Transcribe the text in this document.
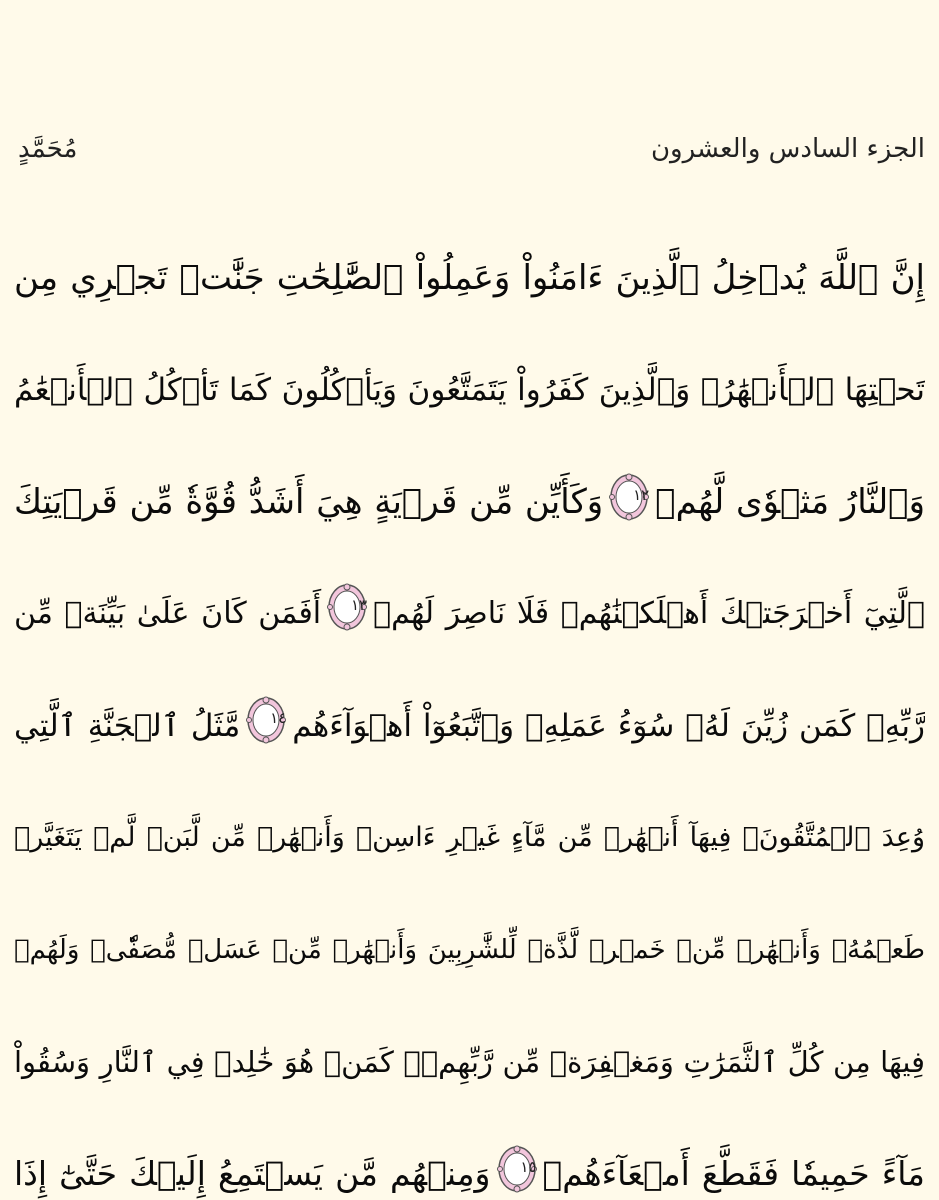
الجزء السادس والعشرون
مُحَمَّدٍ
إِنَّ ٱللَّهَ يُدۡخِلُ ٱلَّذِينَ ءَامَنُواْ وَعَمِلُواْ ٱلصَّٰلِحَٰتِ جَنَّٰتٖ تَجۡرِي مِن
تَحۡتِهَا ٱلۡأَنۡهَٰرُۖ وَٱلَّذِينَ كَفَرُواْ يَتَمَتَّعُونَ وَيَأۡكُلُونَ كَمَا تَأۡكُلُ ٱلۡأَنۡعَٰمُ
وَٱلنَّارُ مَثۡوٗى لَّهُمۡ
١٢
وَكَأَيِّن مِّن قَرۡيَةٍ هِيَ أَشَدُّ قُوَّةٗ مِّن قَرۡيَتِكَ
ٱلَّتِيٓ أَخۡرَجَتۡكَ أَهۡلَكۡنَٰهُمۡ فَلَا نَاصِرَ لَهُمۡ
١٣
أَفَمَن كَانَ عَلَىٰ بَيِّنَةٖ مِّن
رَّبِّهِۦ كَمَن زُيِّنَ لَهُۥ سُوٓءُ عَمَلِهِۦ وَٱتَّبَعُوٓاْ أَهۡوَآءَهُم
١٤
مَّثَلُ ٱلۡجَنَّةِ ٱلَّتِي
وُعِدَ ٱلۡمُتَّقُونَۖ فِيهَآ أَنۡهَٰرٞ مِّن مَّآءٍ غَيۡرِ ءَاسِنٖ وَأَنۡهَٰرٞ مِّن لَّبَنٖ لَّمۡ يَتَغَيَّرۡ
طَعۡمُهُۥ وَأَنۡهَٰرٞ مِّنۡ خَمۡرٖ لَّذَّةٖ لِّلشَّٰرِبِينَ وَأَنۡهَٰرٞ مِّنۡ عَسَلٖ مُّصَفّٗىۖ وَلَهُمۡ
فِيهَا مِن كُلِّ ٱلثَّمَرَٰتِ وَمَغۡفِرَةٞ مِّن رَّبِّهِمۡۖ كَمَنۡ هُوَ خَٰلِدٞ فِي ٱلنَّارِ وَسُقُواْ
مَآءً حَمِيمٗا فَقَطَّعَ أَمۡعَآءَهُمۡ
١٥
وَمِنۡهُم مَّن يَسۡتَمِعُ إِلَيۡكَ حَتَّىٰٓ إِذَا
